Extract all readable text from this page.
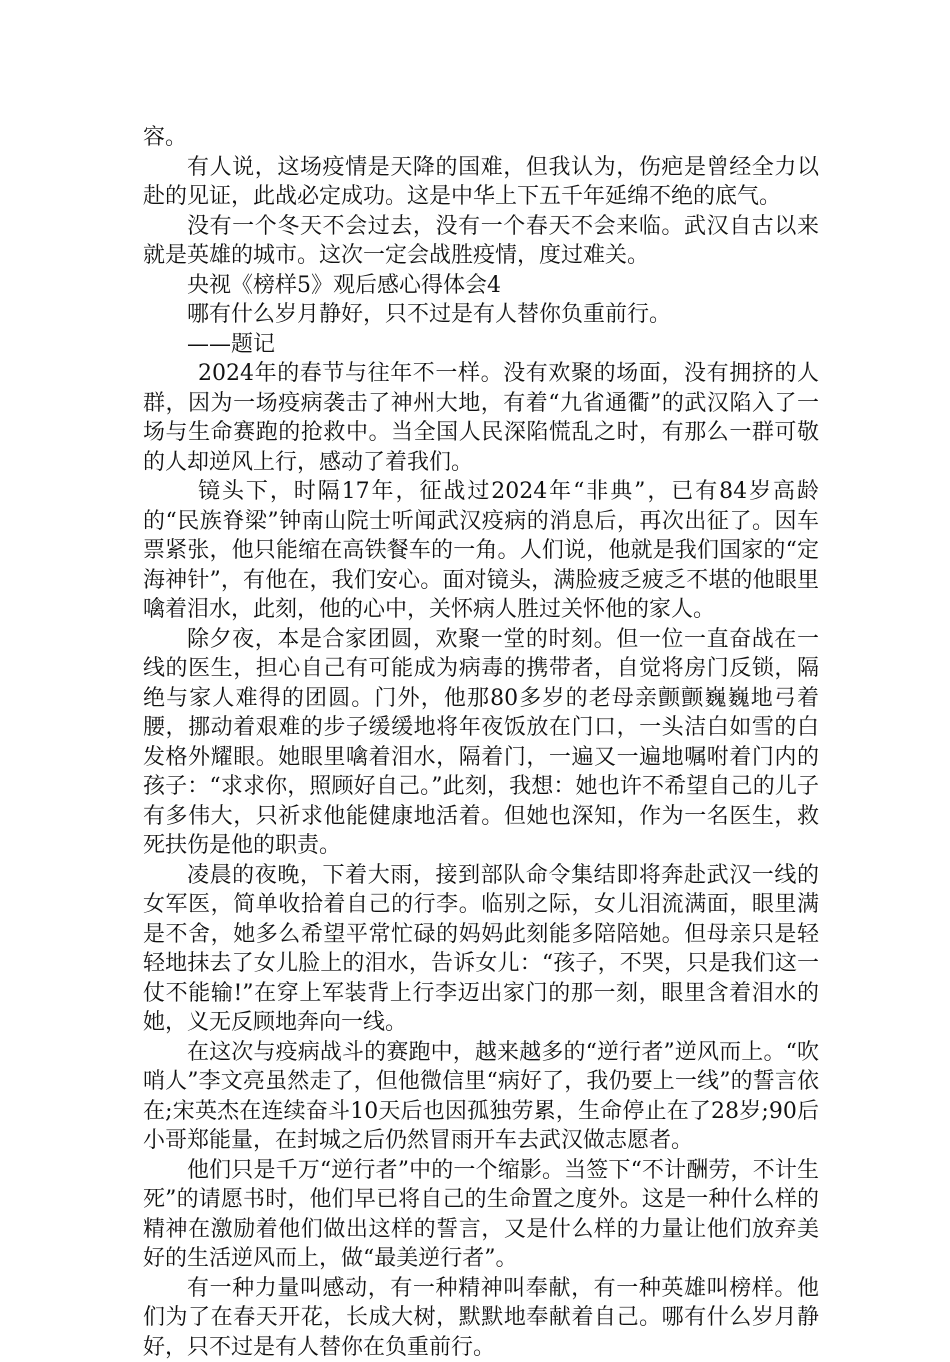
容。

有人说，这场疫情是天降的国难，但我认为，伤疤是曾经全力以赴的见证，此战必定成功。这是中华上下五千年延绵不绝的底气。

没有一个冬天不会过去，没有一个春天不会来临。武汉自古以来就是英雄的城市。这次一定会战胜疫情，度过难关。

央视《榜样5》观后感心得体会4

哪有什么岁月静好，只不过是有人替你负重前行。

——题记

2024年的春节与往年不一样。没有欢聚的场面，没有拥挤的人群，因为一场疫病袭击了神州大地，有着“九省通衢”的武汉陷入了一场与生命赛跑的抢救中。当全国人民深陷慌乱之时，有那么一群可敬的人却逆风上行，感动了着我们。

镜头下，时隔17年，征战过2024年“非典”，已有84岁高龄的“民族脊梁”钟南山院士听闻武汉疫病的消息后，再次出征了。因车票紧张，他只能缩在高铁餐车的一角。人们说，他就是我们国家的“定海神针”，有他在，我们安心。面对镜头，满脸疲乏疲乏不堪的他眼里噙着泪水，此刻，他的心中，关怀病人胜过关怀他的家人。

除夕夜，本是合家团圆，欢聚一堂的时刻。但一位一直奋战在一线的医生，担心自己有可能成为病毒的携带者，自觉将房门反锁，隔绝与家人难得的团圆。门外，他那80多岁的老母亲颤颤巍巍地弓着腰，挪动着艰难的步子缓缓地将年夜饭放在门口，一头洁白如雪的白发格外耀眼。她眼里噙着泪水，隔着门，一遍又一遍地嘱咐着门内的孩子：“求求你，照顾好自己。”此刻，我想：她也许不希望自己的儿子有多伟大，只祈求他能健康地活着。但她也深知，作为一名医生，救死扶伤是他的职责。

凌晨的夜晚，下着大雨，接到部队命令集结即将奔赴武汉一线的女军医，简单收拾着自己的行李。临别之际，女儿泪流满面，眼里满是不舍，她多么希望平常忙碌的妈妈此刻能多陪陪她。但母亲只是轻轻地抹去了女儿脸上的泪水，告诉女儿：“孩子，不哭，只是我们这一仗不能输!”在穿上军装背上行李迈出家门的那一刻，眼里含着泪水的她，义无反顾地奔向一线。

在这次与疫病战斗的赛跑中，越来越多的“逆行者”逆风而上。“吹哨人”李文亮虽然走了，但他微信里“病好了，我仍要上一线”的誓言依在;宋英杰在连续奋斗10天后也因孤独劳累，生命停止在了28岁;90后小哥郑能量，在封城之后仍然冒雨开车去武汉做志愿者。

他们只是千万“逆行者”中的一个缩影。当签下“不计酬劳，不计生死”的请愿书时，他们早已将自己的生命置之度外。这是一种什么样的精神在激励着他们做出这样的誓言，又是什么样的力量让他们放弃美好的生活逆风而上，做“最美逆行者”。

有一种力量叫感动，有一种精神叫奉献，有一种英雄叫榜样。他们为了在春天开花，长成大树，默默地奉献着自己。哪有什么岁月静好，只不过是有人替你在负重前行。
